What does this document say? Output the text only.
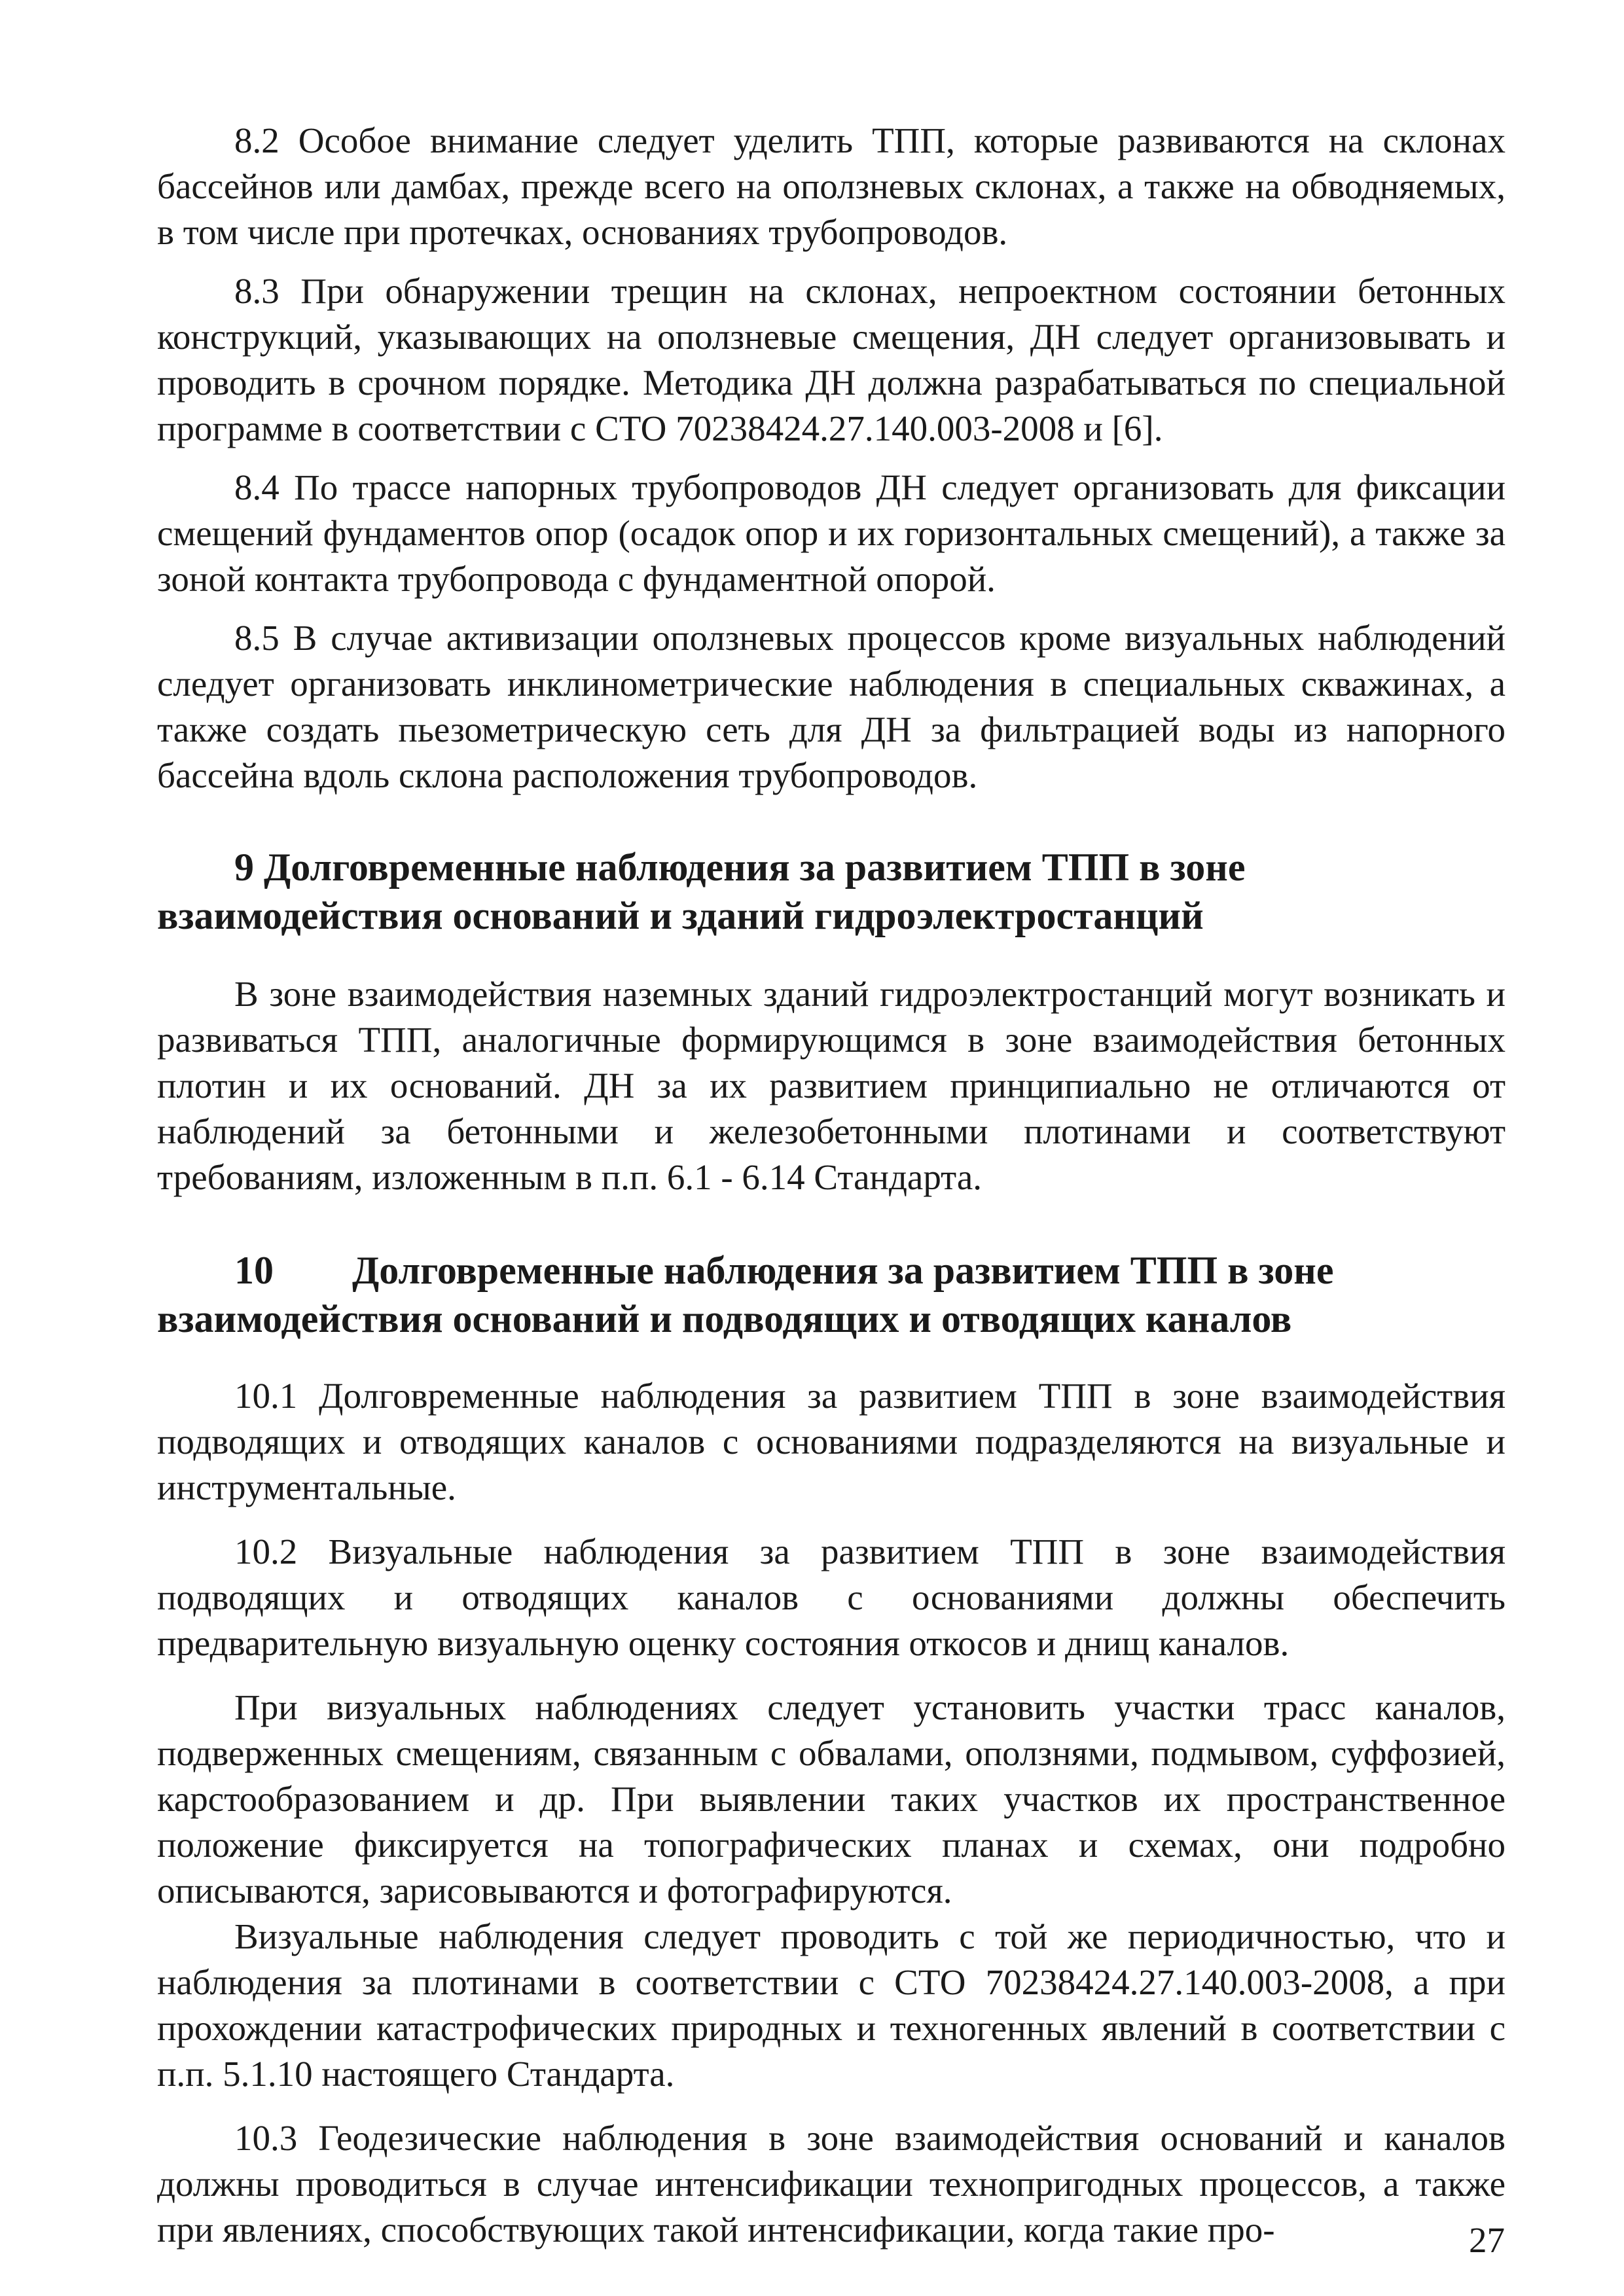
8.2 Особое внимание следует уделить ТПП, которые развиваются на склонах бассейнов или дамбах, прежде всего на оползневых склонах, а также на обводняемых, в том числе при протечках, основаниях трубопроводов.

8.3 При обнаружении трещин на склонах, непроектном состоянии бетонных конструкций, указывающих на оползневые смещения, ДН следует организовывать и проводить в срочном порядке. Методика ДН должна разрабатываться по специальной программе в соответствии с СТО 70238424.27.140.003-2008 и [6].

8.4 По трассе напорных трубопроводов ДН следует организовать для фиксации смещений фундаментов опор (осадок опор и их горизонтальных смещений), а также за зоной контакта трубопровода с фундаментной опорой.

8.5 В случае активизации оползневых процессов кроме визуальных наблюдений следует организовать инклинометрические наблюдения в специальных скважинах, а также создать пьезометрическую сеть для ДН за фильтрацией воды из напорного бассейна вдоль склона расположения трубопроводов.

9 Долговременные наблюдения за развитием ТПП в зоне взаимодействия оснований и зданий гидроэлектростанций

В зоне взаимодействия наземных зданий гидроэлектростанций могут возникать и развиваться ТПП, аналогичные формирующимся в зоне взаимодействия бетонных плотин и их оснований. ДН за их развитием принципиально не отличаются от наблюдений за бетонными и железобетонными плотинами и соответствуют требованиям, изложенным в п.п. 6.1 - 6.14 Стандарта.

10 Долговременные наблюдения за развитием ТПП в зоне взаимодействия оснований и подводящих и отводящих каналов

10.1 Долговременные наблюдения за развитием ТПП в зоне взаимодействия подводящих и отводящих каналов с основаниями подразделяются на визуальные и инструментальные.

10.2 Визуальные наблюдения за развитием ТПП в зоне взаимодействия подводящих и отводящих каналов с основаниями должны обеспечить предварительную визуальную оценку состояния откосов и днищ каналов.

При визуальных наблюдениях следует установить участки трасс каналов, подверженных смещениям, связанным с обвалами, оползнями, подмывом, суффозией, карстообразованием и др. При выявлении таких участков их пространственное положение фиксируется на топографических планах и схемах, они подробно описываются, зарисовываются и фотографируются.

Визуальные наблюдения следует проводить с той же периодичностью, что и наблюдения за плотинами в соответствии с СТО 70238424.27.140.003-2008, а при прохождении катастрофических природных и техногенных явлений в соответствии с п.п. 5.1.10 настоящего Стандарта.

10.3 Геодезические наблюдения в зоне взаимодействия оснований и каналов должны проводиться в случае интенсификации технопригодных процессов, а также при явлениях, способствующих такой интенсификации, когда такие про-	27
